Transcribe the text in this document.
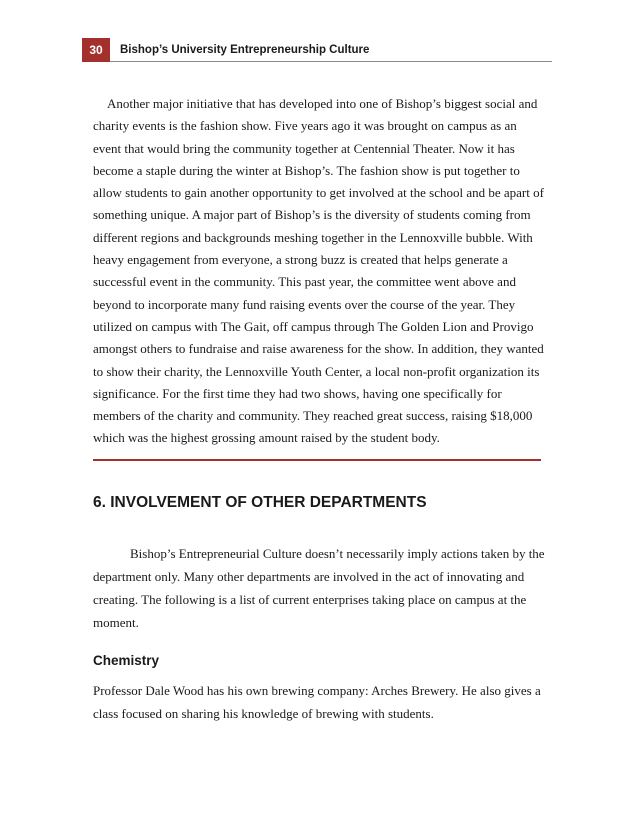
30	Bishop’s University Entrepreneurship Culture

Another major initiative that has developed into one of Bishop’s biggest social and charity events is the fashion show. Five years ago it was brought on campus as an event that would bring the community together at Centennial Theater. Now it has become a staple during the winter at Bishop’s. The fashion show is put together to allow students to gain another opportunity to get involved at the school and be apart of something unique. A major part of Bishop’s is the diversity of students coming from different regions and backgrounds meshing together in the Lennoxville bubble. With heavy engagement from everyone, a strong buzz is created that helps generate a successful event in the community. This past year, the committee went above and beyond to incorporate many fund raising events over the course of the year. They utilized on campus with The Gait, off campus through The Golden Lion and Provigo amongst others to fundraise and raise awareness for the show. In addition, they wanted to show their charity, the Lennoxville Youth Center, a local non-profit organization its significance. For the first time they had two shows, having one specifically for members of the charity and community. They reached great success, raising $18,000 which was the highest grossing amount raised by the student body.

6. INVOLVEMENT OF OTHER DEPARTMENTS

Bishop’s Entrepreneurial Culture doesn’t necessarily imply actions taken by the department only. Many other departments are involved in the act of innovating and creating. The following is a list of current enterprises taking place on campus at the moment.

Chemistry

Professor Dale Wood has his own brewing company: Arches Brewery. He also gives a class focused on sharing his knowledge of brewing with students.
